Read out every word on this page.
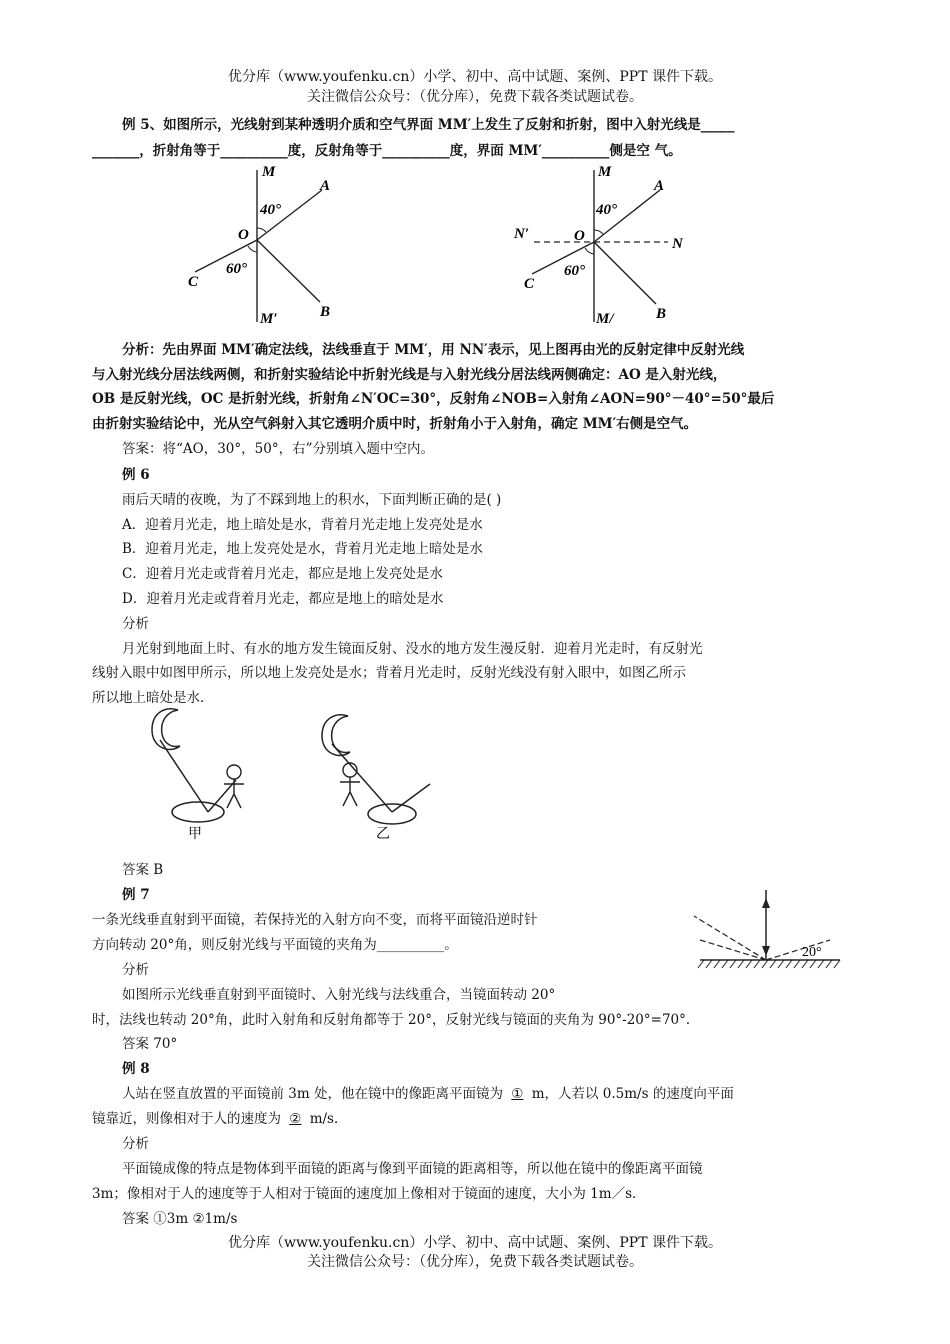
优分库（www.youfenku.cn）小学、初中、高中试题、案例、PPT 课件下载。
关注微信公众号：（优分库），免费下载各类试题试卷。
例 5、如图所示，光线射到某种透明介质和空气界面 MM′上发生了反射和折射，图中入射光线是_____
_______，折射角等于__________度，反射角等于__________度，界面 MM′__________侧是空 气。
M
A
40°
O
C
60°
M′	B
M
A
N′	O	N
40°
C
60°
M/	B
分析：先由界面 MM′确定法线，法线垂直于 MM′，用 NN′表示，见上图再由光的反射定律中反射光线
与入射光线分居法线两侧，和折射实验结论中折射光线是与入射光线分居法线两侧确定：AO 是入射光线，
OB 是反射光线，OC 是折射光线，折射角∠N′OC=30°，反射角∠NOB=入射角∠AON=90°－40°=50°最后
由折射实验结论中，光从空气斜射入其它透明介质中时，折射角小于入射角，确定 MM′右侧是空气。
答案：将“AO，30°，50°，右”分别填入题中空内。
例 6
雨后天晴的夜晚，为了不踩到地上的积水，下面判断正确的是( )
A．迎着月光走，地上暗处是水，背着月光走地上发亮处是水
B．迎着月光走，地上发亮处是水，背着月光走地上暗处是水
C．迎着月光走或背着月光走，都应是地上发亮处是水
D．迎着月光走或背着月光走，都应是地上的暗处是水
分析
月光射到地面上时、有水的地方发生镜面反射、没水的地方发生漫反射．迎着月光走时，有反射光
线射入眼中如图甲所示，所以地上发亮处是水；背着月光走时，反射光线没有射入眼中，如图乙所示
所以地上暗处是水．
甲	乙
答案 B
例 7
一条光线垂直射到平面镜，若保持光的入射方向不变，而将平面镜沿逆时针
方向转动 20°角，则反射光线与平面镜的夹角为__________。	20°
分析
如图所示光线垂直射到平面镜时、入射光线与法线重合，当镜面转动 20°
时，法线也转动 20°角，此时入射角和反射角都等于 20°，反射光线与镜面的夹角为 90°-20°=70°．
答案 70°
例 8
人站在竖直放置的平面镜前 3m 处，他在镜中的像距离平面镜为 ① m，人若以 0.5m/s 的速度向平面
镜靠近，则像相对于人的速度为 ② m/s．
分析
平面镜成像的特点是物体到平面镜的距离与像到平面镜的距离相等，所以他在镜中的像距离平面镜
3m；像相对于人的速度等于人相对于镜面的速度加上像相对于镜面的速度，大小为 1m／s．
答案 ①3m ②1m/s
优分库（www.youfenku.cn）小学、初中、高中试题、案例、PPT 课件下载。
关注微信公众号：（优分库），免费下载各类试题试卷。
